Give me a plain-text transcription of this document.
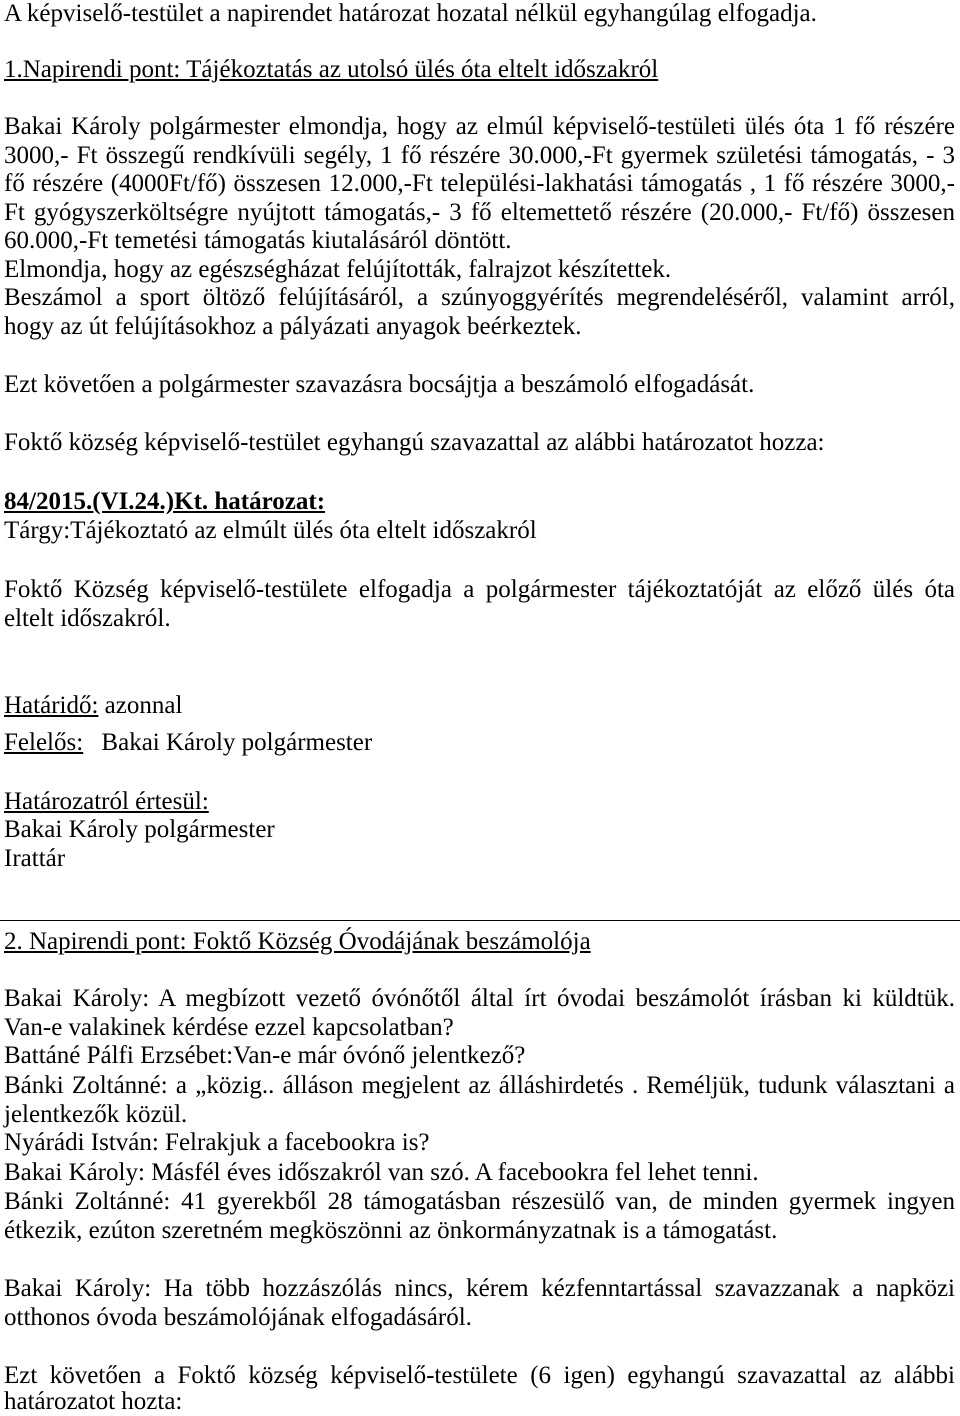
A képviselő-testület a napirendet határozat hozatal nélkül egyhangúlag elfogadja.
1.Napirendi pont: Tájékoztatás az utolsó ülés óta eltelt időszakról
Bakai Károly polgármester elmondja, hogy az elmúl képviselő-testületi ülés óta 1 fő részére
3000,- Ft összegű rendkívüli segély, 1 fő részére 30.000,-Ft gyermek születési támogatás, - 3
fő részére (4000Ft/fő) összesen 12.000,-Ft települési-lakhatási támogatás , 1 fő részére 3000,-
Ft gyógyszerköltségre nyújtott támogatás,- 3 fő eltemettető részére (20.000,- Ft/fő) összesen
60.000,-Ft temetési támogatás kiutalásáról döntött.
Elmondja, hogy az egészségházat felújították, falrajzot készítettek.
Beszámol a sport öltöző felújításáról, a szúnyoggyérítés megrendeléséről, valamint arról,
hogy az út felújításokhoz a pályázati anyagok beérkeztek.
Ezt követően a polgármester szavazásra bocsájtja a beszámoló elfogadását.
Foktő község képviselő-testület egyhangú szavazattal az alábbi határozatot hozza:
84/2015.(VI.24.)Kt. határozat:
Tárgy:Tájékoztató az elmúlt ülés óta eltelt időszakról
Foktő Község képviselő-testülete elfogadja a polgármester tájékoztatóját az előző ülés óta
eltelt időszakról.
Határidő: azonnal
Felelős: Bakai Károly polgármester
Határozatról értesül:
Bakai Károly polgármester
Irattár
2. Napirendi pont: Foktő Község Óvodájának beszámolója
Bakai Károly: A megbízott vezető óvónőtől által írt óvodai beszámolót írásban ki küldtük.
Van-e valakinek kérdése ezzel kapcsolatban?
Battáné Pálfi Erzsébet:Van-e már óvónő jelentkező?
Bánki Zoltánné: a „közig.. álláson megjelent az álláshirdetés . Reméljük, tudunk választani a
jelentkezők közül.
Nyárádi István: Felrakjuk a facebookra is?
Bakai Károly: Másfél éves időszakról van szó. A facebookra fel lehet tenni.
Bánki Zoltánné: 41 gyerekből 28 támogatásban részesülő van, de minden gyermek ingyen
étkezik, ezúton szeretném megköszönni az önkormányzatnak is a támogatást.
Bakai Károly: Ha több hozzászólás nincs, kérem kézfenntartással szavazzanak a napközi
otthonos óvoda beszámolójának elfogadásáról.
Ezt követően a Foktő község képviselő-testülete (6 igen) egyhangú szavazattal az alábbi
határozatot hozta:
